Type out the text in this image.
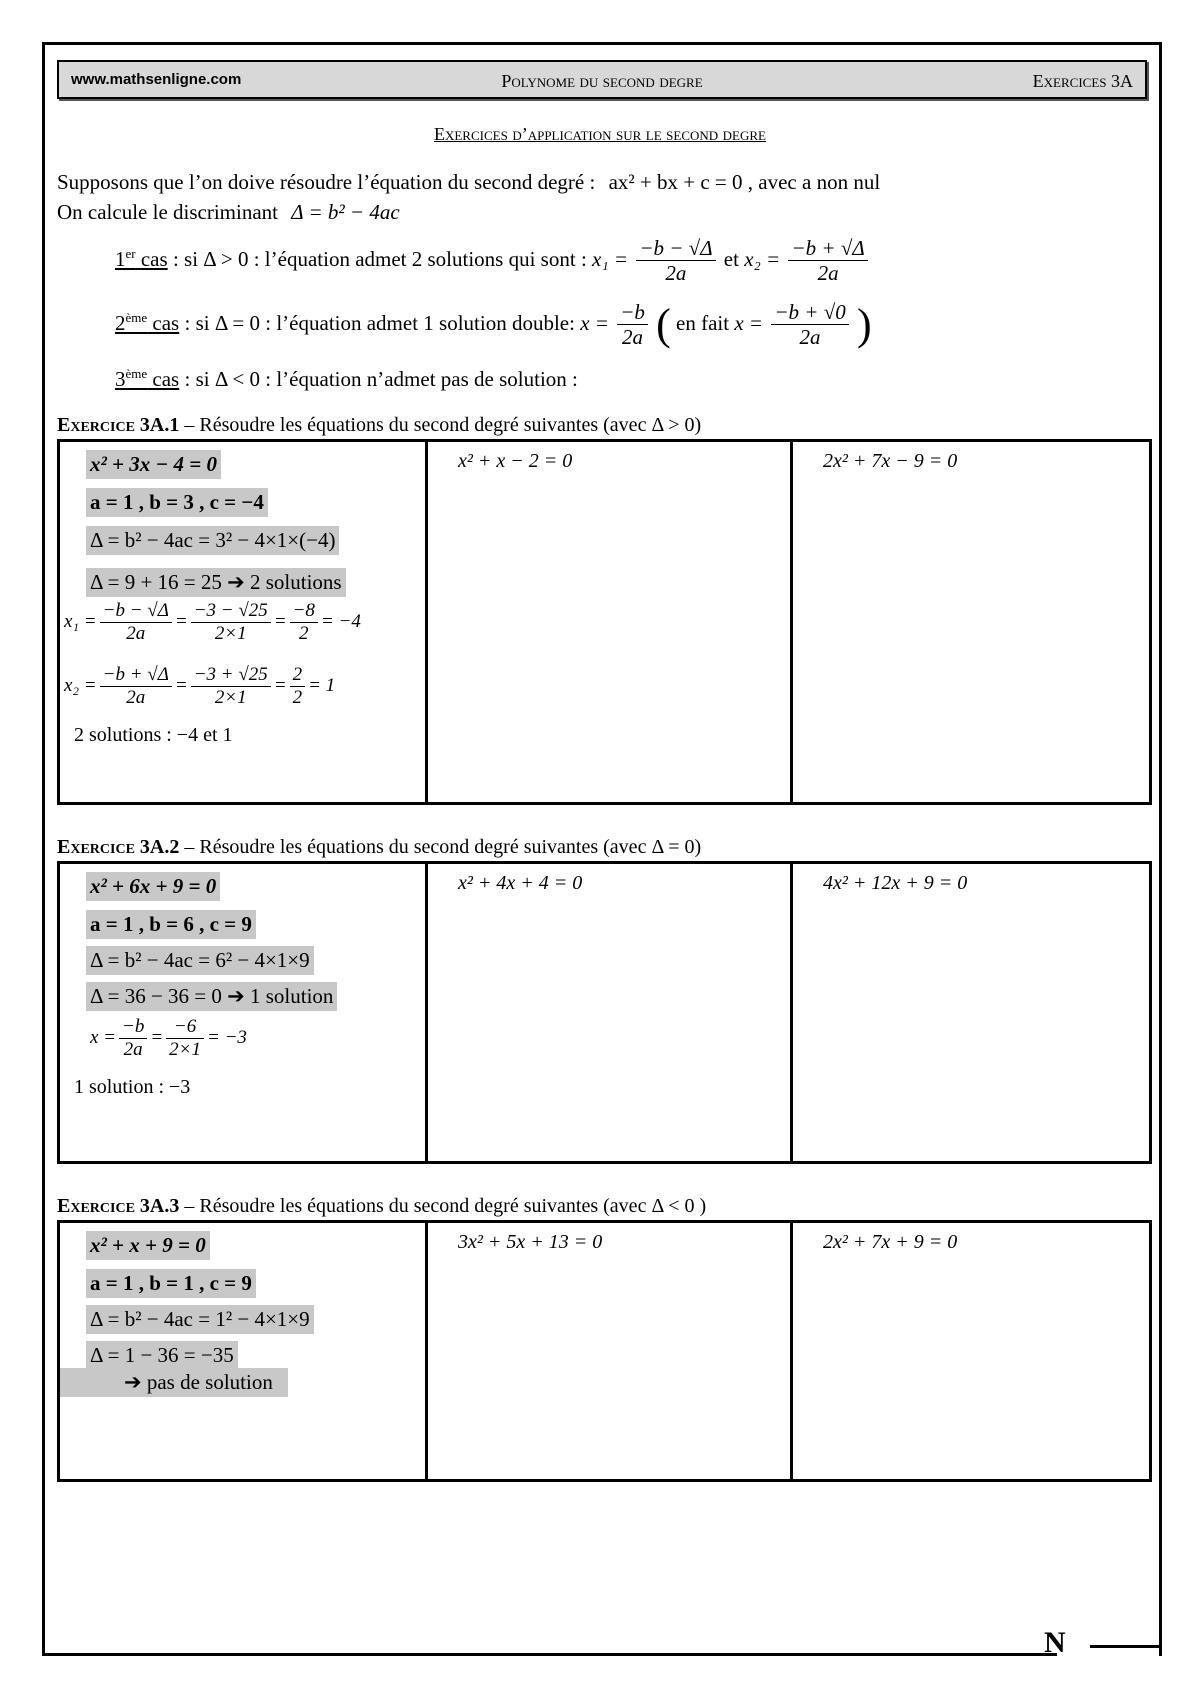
N
www.mathsenligne.com	Polynome du second degre	Exercices 3A
Exercices d’application sur le second degre
Supposons que l’on doive résoudre l’équation du second degré : ax² + bx + c = 0 , avec a non nul
On calcule le discriminant Δ = b² − 4ac
1er cas : si Δ > 0 : l’équation admet 2 solutions qui sont : $x_1 = \frac{-b - √\Delta}{2a}$ et $x_2 = \frac{-b + √\Delta}{2a}$
2ème cas : si Δ = 0 : l’équation admet 1 solution double: $x = \frac{-b}{2a}$ ( en fait $x = \frac{-b + √0}{2a}$ )
3ème cas : si Δ < 0 : l’équation n’admet pas de solution :
Exercice 3A.1 – Résoudre les équations du second degré suivantes (avec Δ > 0)
x² + 3x − 4 = 0
a = 1 , b = 3 , c = −4
Δ = b² − 4ac = 3² − 4×1×(−4)
Δ = 9 + 16 = 25 ➔ 2 solutions
$x_1 = \frac{-b - √\Delta}{2a} = \frac{-3 - √25}{2\times 1} = \frac{-8}{2} = -4$
$x_2 = \frac{-b + √\Delta}{2a} = \frac{-3 + √25}{2\times 1} = \frac{2}{2} = 1$
2 solutions : −4 et 1
x² + x − 2 = 0	2x² + 7x − 9 = 0
Exercice 3A.2 – Résoudre les équations du second degré suivantes (avec Δ = 0)
x² + 6x + 9 = 0
a = 1 , b = 6 , c = 9
Δ = b² − 4ac = 6² − 4×1×9
Δ = 36 − 36 = 0 ➔ 1 solution
$x = \frac{-b}{2a} = \frac{-6}{2\times 1} = -3$
1 solution : −3
x² + 4x + 4 = 0	4x² + 12x + 9 = 0
Exercice 3A.3 – Résoudre les équations du second degré suivantes (avec Δ < 0 )
x² + x + 9 = 0
a = 1 , b = 1 , c = 9
Δ = b² − 4ac = 1² − 4×1×9
Δ = 1 − 36 = −35
➔ pas de solution
3x² + 5x + 13 = 0	2x² + 7x + 9 = 0
